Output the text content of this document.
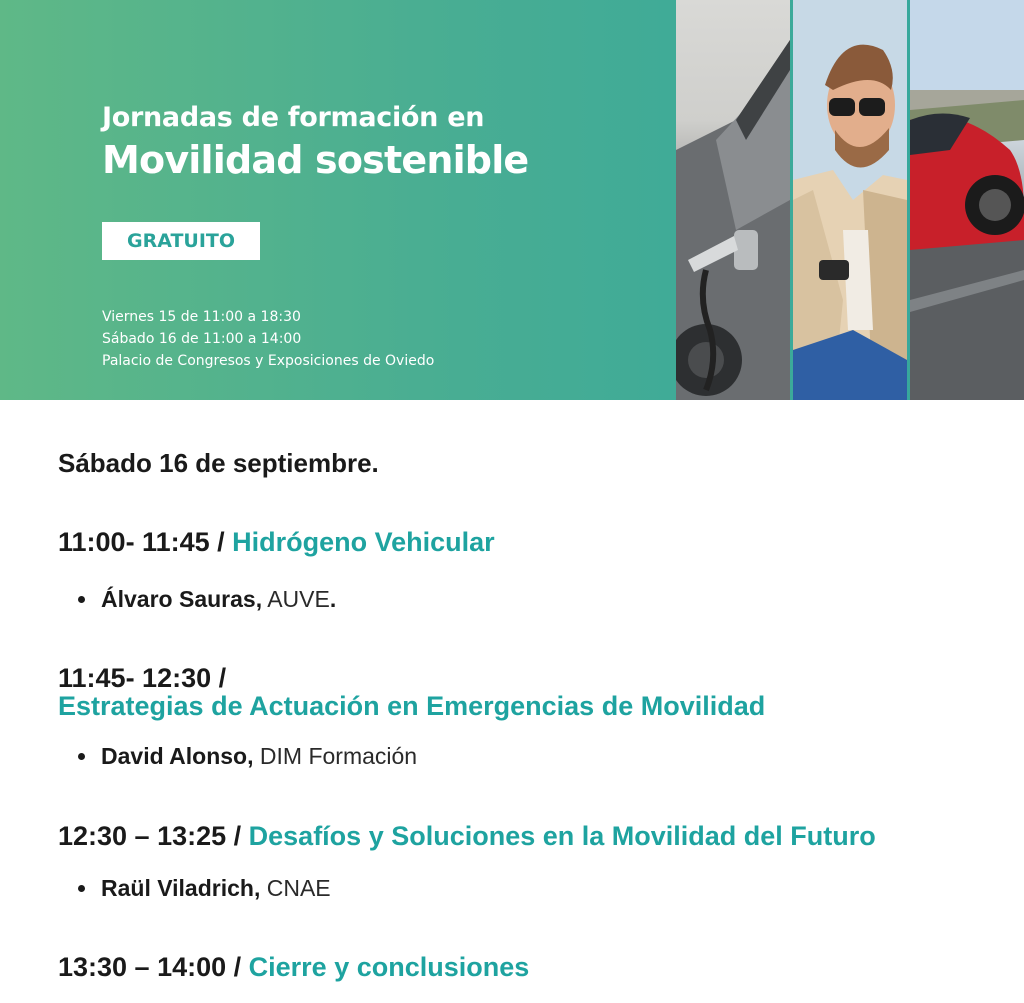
Jornadas de formación en
Movilidad sostenible
GRATUITO
Viernes 15 de 11:00 a 18:30
Sábado 16 de 11:00 a 14:00
Palacio de Congresos y Exposiciones de Oviedo
Sábado 16 de septiembre.
11:00- 11:45 / Hidrógeno Vehicular
Álvaro Sauras, AUVE.
11:45- 12:30 /
Estrategias de Actuación en Emergencias de Movilidad
David Alonso, DIM Formación
12:30 – 13:25 / Desafíos y Soluciones en la Movilidad del Futuro
Raül Viladrich, CNAE
13:30 – 14:00 / Cierre y conclusiones
